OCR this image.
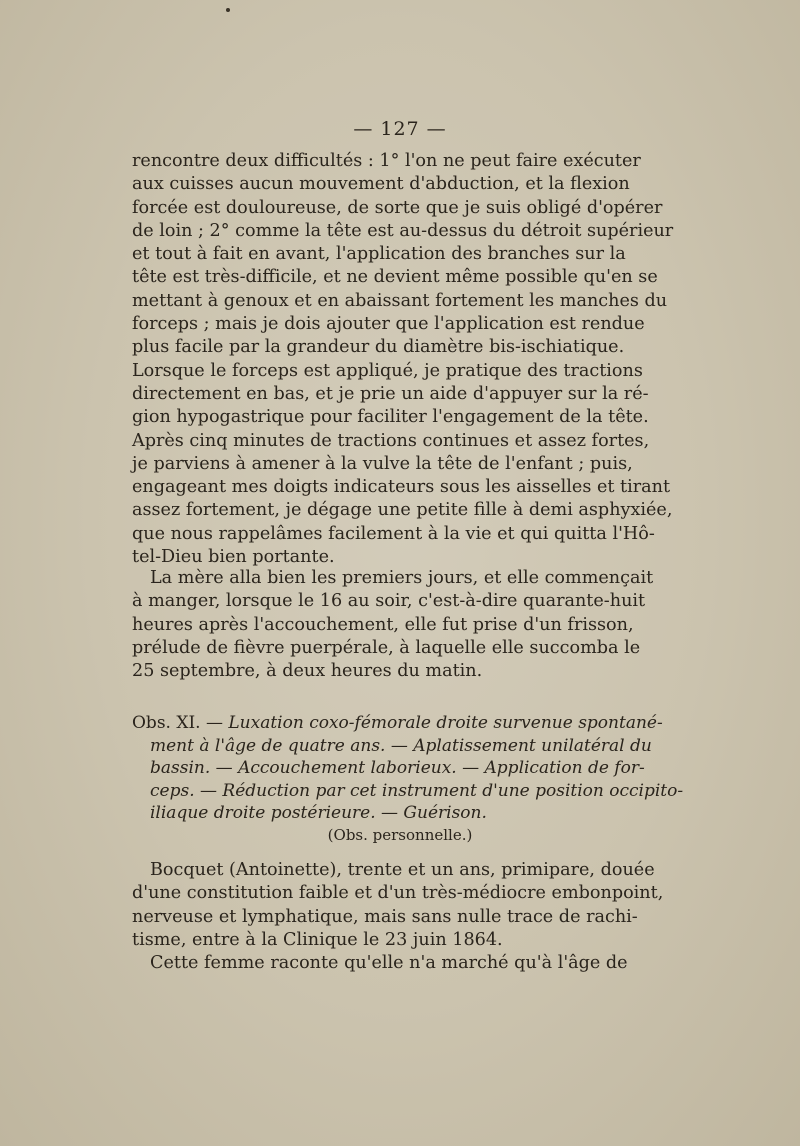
— 127 —
rencontre deux difficultés : 1° l'on ne peut faire exécuter
aux cuisses aucun mouvement d'abduction, et la flexion
forcée est douloureuse, de sorte que je suis obligé d'opérer
de loin ; 2° comme la tête est au-dessus du détroit supérieur
et tout à fait en avant, l'application des branches sur la
tête est très-difficile, et ne devient même possible qu'en se
mettant à genoux et en abaissant fortement les manches du
forceps ; mais je dois ajouter que l'application est rendue
plus facile par la grandeur du diamètre bis-ischiatique.
Lorsque le forceps est appliqué, je pratique des tractions
directement en bas, et je prie un aide d'appuyer sur la ré-
gion hypogastrique pour faciliter l'engagement de la tête.
Après cinq minutes de tractions continues et assez fortes,
je parviens à amener à la vulve la tête de l'enfant ; puis,
engageant mes doigts indicateurs sous les aisselles et tirant
assez fortement, je dégage une petite fille à demi asphyxiée,
que nous rappelâmes facilement à la vie et qui quitta l'Hô-
tel-Dieu bien portante.
La mère alla bien les premiers jours, et elle commençait
à manger, lorsque le 16 au soir, c'est-à-dire quarante-huit
heures après l'accouchement, elle fut prise d'un frisson,
prélude de fièvre puerpérale, à laquelle elle succomba le
25 septembre, à deux heures du matin.
Obs. XI. — Luxation coxo-fémorale droite survenue spontané-
ment à l'âge de quatre ans. — Aplatissement unilatéral du
bassin. — Accouchement laborieux. — Application de for-
ceps. — Réduction par cet instrument d'une position occipito-
iliaque droite postérieure. — Guérison.
(Obs. personnelle.)
Bocquet (Antoinette), trente et un ans, primipare, douée
d'une constitution faible et d'un très-médiocre embonpoint,
nerveuse et lymphatique, mais sans nulle trace de rachi-
tisme, entre à la Clinique le 23 juin 1864.
Cette femme raconte qu'elle n'a marché qu'à l'âge de
